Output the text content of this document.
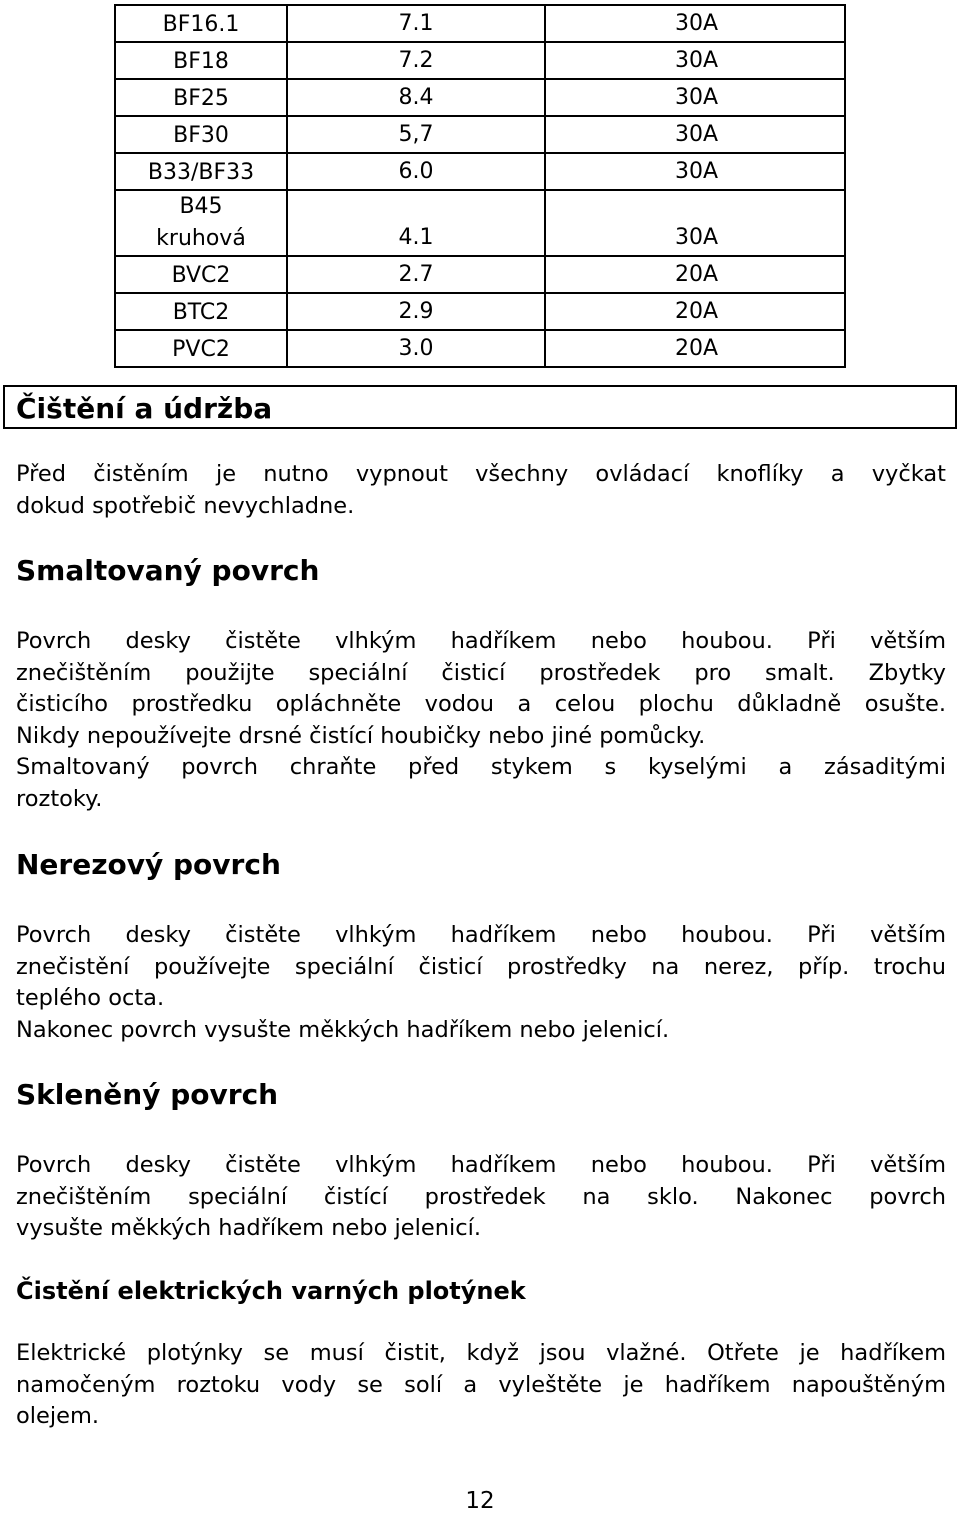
BF16.1	7.1	30A

BF18	7.2	30A

BF25	8.4	30A

BF30	5,7	30A

B33/BF33	6.0	30A

B45
kruhová	4.1	30A

BVC2	2.7	20A

BTC2	2.9	20A

PVC2	3.0	20A
Čištění a údržba
Před čistěním je nutno vypnout všechny ovládací knoflíky a vyčkat
dokud spotřebič nevychladne.
Smaltovaný povrch
Povrch desky čistěte vlhkým hadříkem nebo houbou. Při větším
znečištěním použijte speciální čisticí prostředek pro smalt. Zbytky
čisticího prostředku opláchněte vodou a celou plochu důkladně osušte.
Nikdy nepoužívejte drsné čistící houbičky nebo jiné pomůcky.
Smaltovaný povrch chraňte před stykem s kyselými a zásaditými
roztoky.
Nerezový povrch
Povrch desky čistěte vlhkým hadříkem nebo houbou. Při větším
znečistění používejte speciální čisticí prostředky na nerez, příp. trochu
teplého octa.
Nakonec povrch vysušte měkkých hadříkem nebo jelenicí.
Skleněný povrch
Povrch desky čistěte vlhkým hadříkem nebo houbou. Při větším
znečištěním speciální čistící prostředek na sklo. Nakonec povrch
vysušte měkkých hadříkem nebo jelenicí.
Čistění elektrických varných plotýnek
Elektrické plotýnky se musí čistit, když jsou vlažné. Otřete je hadříkem
namočeným roztoku vody se solí a vyleštěte je hadříkem napouštěným
olejem.
12
